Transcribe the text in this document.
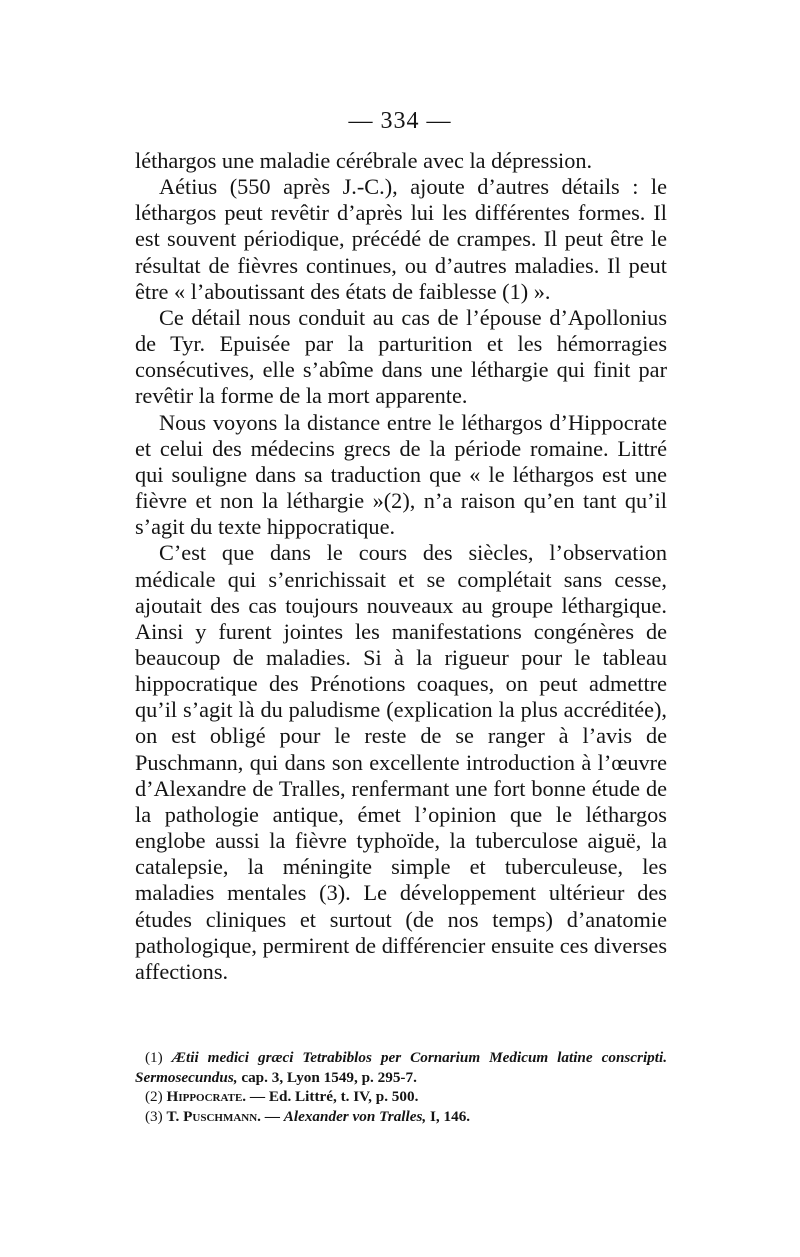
— 334 —

léthargos une maladie cérébrale avec la dépression.

Aétius (550 après J.-C.), ajoute d’autres détails : le léthargos peut revêtir d’après lui les différentes formes. Il est souvent périodique, précédé de crampes. Il peut être le résultat de fièvres continues, ou d’autres maladies. Il peut être « l’aboutissant des états de faiblesse (1) ».

Ce détail nous conduit au cas de l’épouse d’Apollonius de Tyr. Epuisée par la parturition et les hémorragies consécutives, elle s’abîme dans une léthargie qui finit par revêtir la forme de la mort apparente.

Nous voyons la distance entre le léthargos d’Hippocrate et celui des médecins grecs de la période romaine. Littré qui souligne dans sa traduction que « le léthargos est une fièvre et non la léthargie »(2), n’a raison qu’en tant qu’il s’agit du texte hippocratique.

C’est que dans le cours des siècles, l’observation médicale qui s’enrichissait et se complétait sans cesse, ajoutait des cas toujours nouveaux au groupe léthargique. Ainsi y furent jointes les manifestations congénères de beaucoup de maladies. Si à la rigueur pour le tableau hippocratique des Prénotions coaques, on peut admettre qu’il s’agit là du paludisme (explication la plus accréditée), on est obligé pour le reste de se ranger à l’avis de Puschmann, qui dans son excellente introduction à l’œuvre d’Alexandre de Tralles, renfermant une fort bonne étude de la pathologie antique, émet l’opinion que le léthargos englobe aussi la fièvre typhoïde, la tuberculose aiguë, la catalepsie, la méningite simple et tuberculeuse, les maladies mentales (3). Le développement ultérieur des études cliniques et surtout (de nos temps) d’anatomie pathologique, permirent de différencier ensuite ces diverses affections.

(1) Ætii medici græci Tetrabiblos per Cornarium Medicum latine conscripti. Sermosecundus, cap. 3, Lyon 1549, p. 295-7.

(2) Hippocrate. — Ed. Littré, t. IV, p. 500.

(3) T. Puschmann. — Alexander von Tralles, I, 146.
